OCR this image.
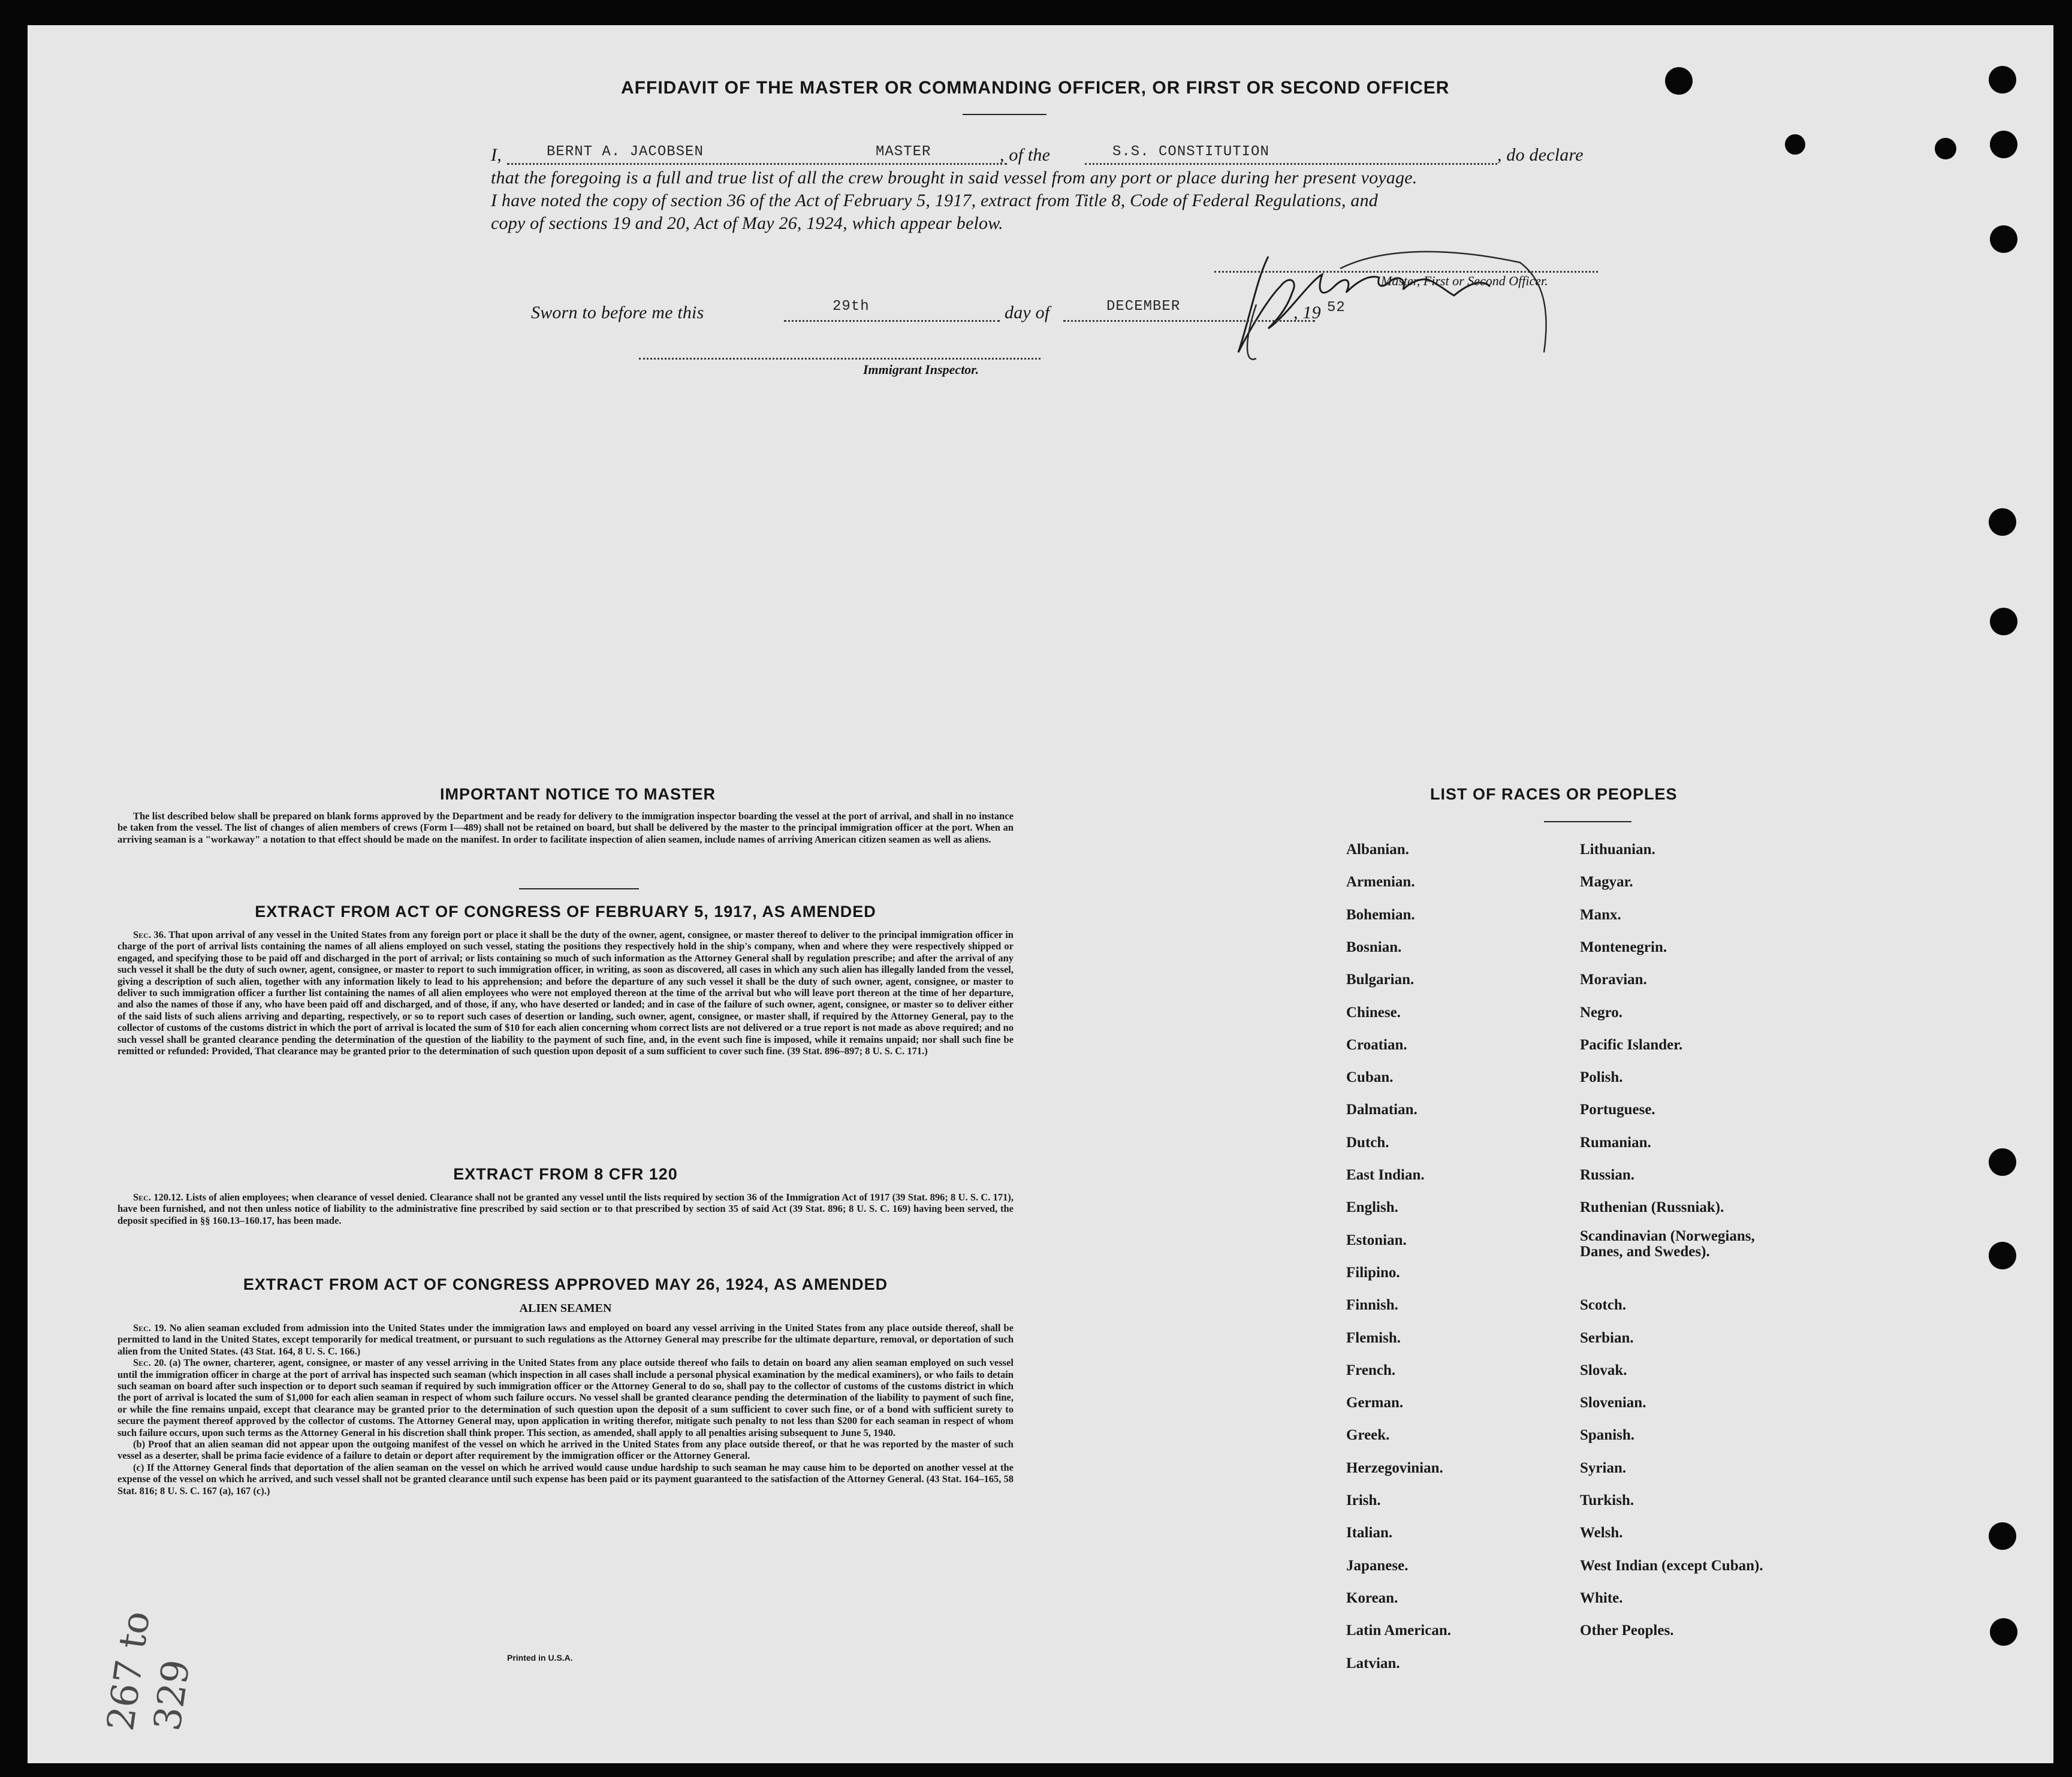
AFFIDAVIT OF THE MASTER OR COMMANDING OFFICER, OR FIRST OR SECOND OFFICER
I,	BERNT A. JACOBSEN	MASTER	, of the	S.S. CONSTITUTION	, do declare
that the foregoing is a full and true list of all the crew brought in said vessel from any port or place during her present voyage.
I have noted the copy of section 36 of the Act of February 5, 1917, extract from Title 8, Code of Federal Regulations, and
copy of sections 19 and 20, Act of May 26, 1924, which appear below.
Master, First or Second Officer.
Sworn to before me this	29th	day of	DECEMBER	, 19 52
Immigrant Inspector.
IMPORTANT NOTICE TO MASTER

The list described below shall be prepared on blank forms approved by the Department and be ready for delivery to the immigration inspector boarding the vessel at the port of arrival, and shall in no instance be taken from the vessel. The list of changes of alien members of crews (Form I—489) shall not be retained on board, but shall be delivered by the master to the principal immigration officer at the port. When an arriving seaman is a "workaway" a notation to that effect should be made on the manifest. In order to facilitate inspection of alien seamen, include names of arriving American citizen seamen as well as aliens.

EXTRACT FROM ACT OF CONGRESS OF FEBRUARY 5, 1917, AS AMENDED

Sec. 36. That upon arrival of any vessel in the United States from any foreign port or place it shall be the duty of the owner, agent, consignee, or master thereof to deliver to the principal immigration officer in charge of the port of arrival lists containing the names of all aliens employed on such vessel, stating the positions they respectively hold in the ship's company, when and where they were respectively shipped or engaged, and specifying those to be paid off and discharged in the port of arrival; or lists containing so much of such information as the Attorney General shall by regulation prescribe; and after the arrival of any such vessel it shall be the duty of such owner, agent, consignee, or master to report to such immigration officer, in writing, as soon as discovered, all cases in which any such alien has illegally landed from the vessel, giving a description of such alien, together with any information likely to lead to his apprehension; and before the departure of any such vessel it shall be the duty of such owner, agent, consignee, or master to deliver to such immigration officer a further list containing the names of all alien employees who were not employed thereon at the time of the arrival but who will leave port thereon at the time of her departure, and also the names of those if any, who have been paid off and discharged, and of those, if any, who have deserted or landed; and in case of the failure of such owner, agent, consignee, or master so to deliver either of the said lists of such aliens arriving and departing, respectively, or so to report such cases of desertion or landing, such owner, agent, consignee, or master shall, if required by the Attorney General, pay to the collector of customs of the customs district in which the port of arrival is located the sum of $10 for each alien concerning whom correct lists are not delivered or a true report is not made as above required; and no such vessel shall be granted clearance pending the determination of the question of the liability to the payment of such fine, and, in the event such fine is imposed, while it remains unpaid; nor shall such fine be remitted or refunded: Provided, That clearance may be granted prior to the determination of such question upon deposit of a sum sufficient to cover such fine. (39 Stat. 896–897; 8 U. S. C. 171.)

EXTRACT FROM 8 CFR 120

Sec. 120.12. Lists of alien employees; when clearance of vessel denied. Clearance shall not be granted any vessel until the lists required by section 36 of the Immigration Act of 1917 (39 Stat. 896; 8 U. S. C. 171), have been furnished, and not then unless notice of liability to the administrative fine prescribed by said section or to that prescribed by section 35 of said Act (39 Stat. 896; 8 U. S. C. 169) having been served, the deposit specified in §§ 160.13–160.17, has been made.

EXTRACT FROM ACT OF CONGRESS APPROVED MAY 26, 1924, AS AMENDED
ALIEN SEAMEN

Sec. 19. No alien seaman excluded from admission into the United States under the immigration laws and employed on board any vessel arriving in the United States from any place outside thereof, shall be permitted to land in the United States, except temporarily for medical treatment, or pursuant to such regulations as the Attorney General may prescribe for the ultimate departure, removal, or deportation of such alien from the United States. (43 Stat. 164, 8 U. S. C. 166.)

Sec. 20. (a) The owner, charterer, agent, consignee, or master of any vessel arriving in the United States from any place outside thereof who fails to detain on board any alien seaman employed on such vessel until the immigration officer in charge at the port of arrival has inspected such seaman (which inspection in all cases shall include a personal physical examination by the medical examiners), or who fails to detain such seaman on board after such inspection or to deport such seaman if required by such immigration officer or the Attorney General to do so, shall pay to the collector of customs of the customs district in which the port of arrival is located the sum of $1,000 for each alien seaman in respect of whom such failure occurs. No vessel shall be granted clearance pending the determination of the liability to payment of such fine, or while the fine remains unpaid, except that clearance may be granted prior to the determination of such question upon the deposit of a sum sufficient to cover such fine, or of a bond with sufficient surety to secure the payment thereof approved by the collector of customs. The Attorney General may, upon application in writing therefor, mitigate such penalty to not less than $200 for each seaman in respect of whom such failure occurs, upon such terms as the Attorney General in his discretion shall think proper. This section, as amended, shall apply to all penalties arising subsequent to June 5, 1940.

(b) Proof that an alien seaman did not appear upon the outgoing manifest of the vessel on which he arrived in the United States from any place outside thereof, or that he was reported by the master of such vessel as a deserter, shall be prima facie evidence of a failure to detain or deport after requirement by the immigration officer or the Attorney General.

(c) If the Attorney General finds that deportation of the alien seaman on the vessel on which he arrived would cause undue hardship to such seaman he may cause him to be deported on another vessel at the expense of the vessel on which he arrived, and such vessel shall not be granted clearance until such expense has been paid or its payment guaranteed to the satisfaction of the Attorney General. (43 Stat. 164–165, 58 Stat. 816; 8 U. S. C. 167 (a), 167 (c).)

Printed in U.S.A.
267 to
329
LIST OF RACES OR PEOPLES
Albanian.
Armenian.
Bohemian.
Bosnian.
Bulgarian.
Chinese.
Croatian.
Cuban.
Dalmatian.
Dutch.
East Indian.
English.
Estonian.
Filipino.
Finnish.
Flemish.
French.
German.
Greek.
Herzegovinian.
Irish.
Italian.
Japanese.
Korean.
Latin American.
Latvian.
Lithuanian.
Magyar.
Manx.
Montenegrin.
Moravian.
Negro.
Pacific Islander.
Polish.
Portuguese.
Rumanian.
Russian.
Ruthenian (Russniak).
Scandinavian (Norwegians, Danes, and Swedes).
Scotch.
Serbian.
Slovak.
Slovenian.
Spanish.
Syrian.
Turkish.
Welsh.
West Indian (except Cuban).
White.
Other Peoples.
